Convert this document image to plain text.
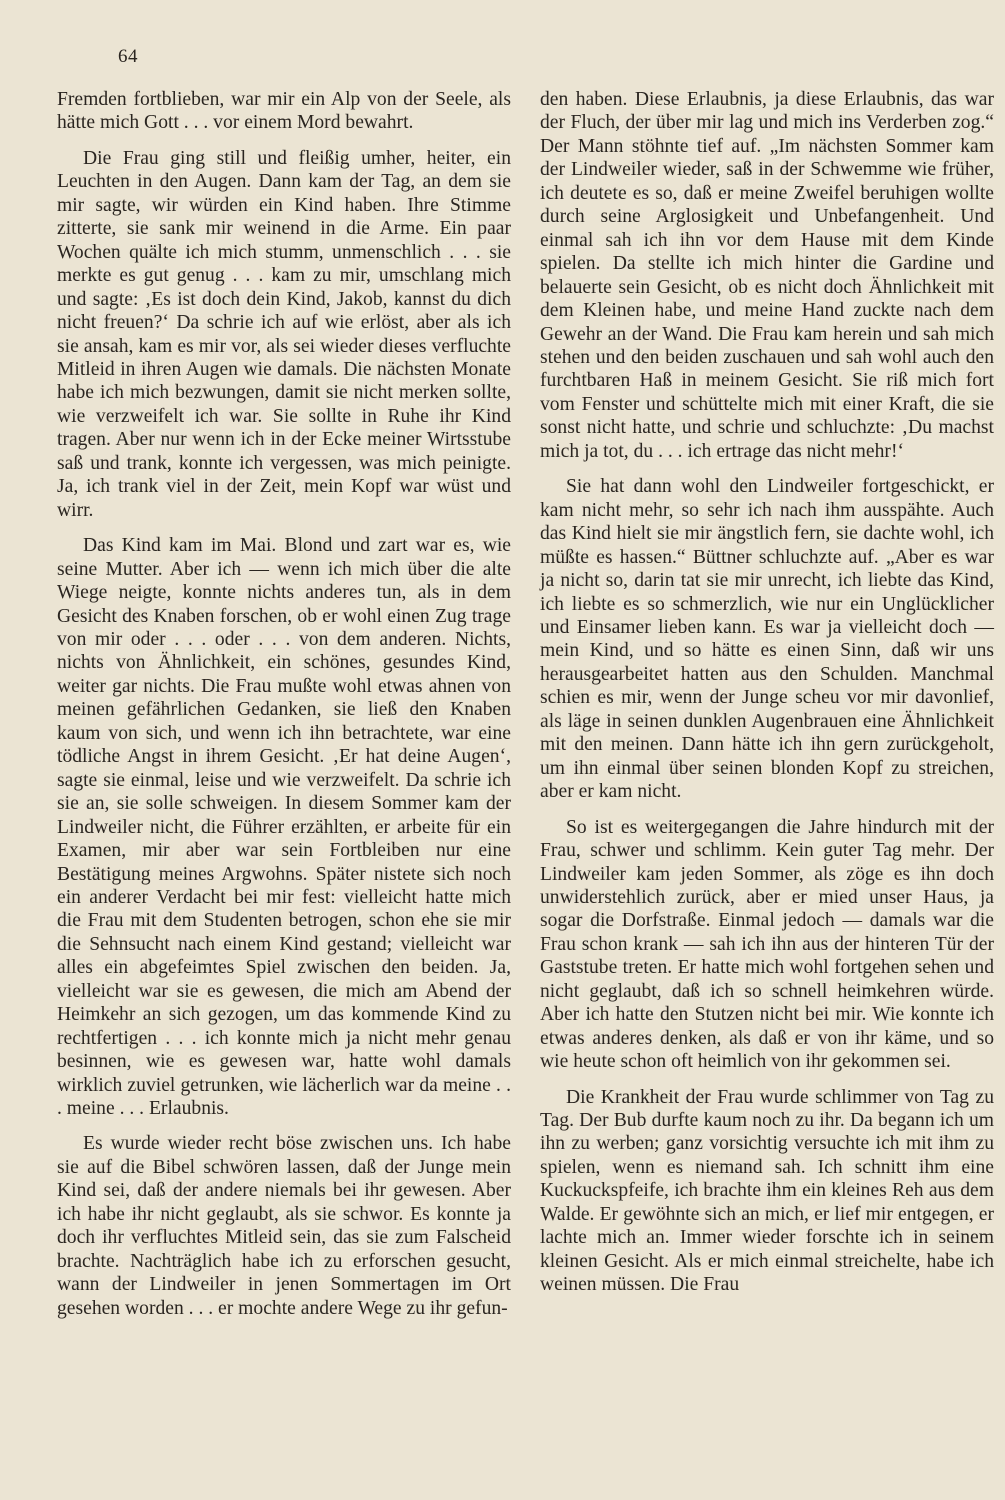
64

Fremden fortblieben, war mir ein Alp von der Seele, als hätte mich Gott . . . vor einem Mord bewahrt.

Die Frau ging still und fleißig umher, heiter, ein Leuchten in den Augen. Dann kam der Tag, an dem sie mir sagte, wir würden ein Kind haben. Ihre Stimme zitterte, sie sank mir weinend in die Arme. Ein paar Wochen quälte ich mich stumm, unmenschlich . . . sie merkte es gut genug . . . kam zu mir, umschlang mich und sagte: ‚Es ist doch dein Kind, Jakob, kannst du dich nicht freuen?‘ Da schrie ich auf wie erlöst, aber als ich sie ansah, kam es mir vor, als sei wieder dieses verfluchte Mitleid in ihren Augen wie damals. Die nächsten Monate habe ich mich bezwungen, damit sie nicht merken sollte, wie verzweifelt ich war. Sie sollte in Ruhe ihr Kind tragen. Aber nur wenn ich in der Ecke meiner Wirtsstube saß und trank, konnte ich vergessen, was mich peinigte. Ja, ich trank viel in der Zeit, mein Kopf war wüst und wirr.

Das Kind kam im Mai. Blond und zart war es, wie seine Mutter. Aber ich — wenn ich mich über die alte Wiege neigte, konnte nichts anderes tun, als in dem Gesicht des Knaben forschen, ob er wohl einen Zug trage von mir oder . . . oder . . . von dem anderen. Nichts, nichts von Ähnlichkeit, ein schönes, gesundes Kind, weiter gar nichts. Die Frau mußte wohl etwas ahnen von meinen gefährlichen Gedanken, sie ließ den Knaben kaum von sich, und wenn ich ihn betrachtete, war eine tödliche Angst in ihrem Gesicht. ‚Er hat deine Augen‘, sagte sie einmal, leise und wie verzweifelt. Da schrie ich sie an, sie solle schweigen. In diesem Sommer kam der Lindweiler nicht, die Führer erzählten, er arbeite für ein Examen, mir aber war sein Fortbleiben nur eine Bestätigung meines Argwohns. Später nistete sich noch ein anderer Verdacht bei mir fest: vielleicht hatte mich die Frau mit dem Studenten betrogen, schon ehe sie mir die Sehnsucht nach einem Kind gestand; vielleicht war alles ein abgefeimtes Spiel zwischen den beiden. Ja, vielleicht war sie es gewesen, die mich am Abend der Heimkehr an sich gezogen, um das kommende Kind zu rechtfertigen . . . ich konnte mich ja nicht mehr genau besinnen, wie es gewesen war, hatte wohl damals wirklich zuviel getrunken, wie lächerlich war da meine . . . meine . . . Erlaubnis.

Es wurde wieder recht böse zwischen uns. Ich habe sie auf die Bibel schwören lassen, daß der Junge mein Kind sei, daß der andere niemals bei ihr gewesen. Aber ich habe ihr nicht geglaubt, als sie schwor. Es konnte ja doch ihr verfluchtes Mitleid sein, das sie zum Falscheid brachte. Nachträglich habe ich zu erforschen gesucht, wann der Lindweiler in jenen Sommertagen im Ort gesehen worden . . . er mochte andere Wege zu ihr gefun-

den haben. Diese Erlaubnis, ja diese Erlaubnis, das war der Fluch, der über mir lag und mich ins Verderben zog.“ Der Mann stöhnte tief auf. „Im nächsten Sommer kam der Lindweiler wieder, saß in der Schwemme wie früher, ich deutete es so, daß er meine Zweifel beruhigen wollte durch seine Arglosigkeit und Unbefangenheit. Und einmal sah ich ihn vor dem Hause mit dem Kinde spielen. Da stellte ich mich hinter die Gardine und belauerte sein Gesicht, ob es nicht doch Ähnlichkeit mit dem Kleinen habe, und meine Hand zuckte nach dem Gewehr an der Wand. Die Frau kam herein und sah mich stehen und den beiden zuschauen und sah wohl auch den furchtbaren Haß in meinem Gesicht. Sie riß mich fort vom Fenster und schüttelte mich mit einer Kraft, die sie sonst nicht hatte, und schrie und schluchzte: ‚Du machst mich ja tot, du . . . ich ertrage das nicht mehr!‘

Sie hat dann wohl den Lindweiler fortgeschickt, er kam nicht mehr, so sehr ich nach ihm ausspähte. Auch das Kind hielt sie mir ängstlich fern, sie dachte wohl, ich müßte es hassen.“ Büttner schluchzte auf. „Aber es war ja nicht so, darin tat sie mir unrecht, ich liebte das Kind, ich liebte es so schmerzlich, wie nur ein Unglücklicher und Einsamer lieben kann. Es war ja vielleicht doch — mein Kind, und so hätte es einen Sinn, daß wir uns herausgearbeitet hatten aus den Schulden. Manchmal schien es mir, wenn der Junge scheu vor mir davonlief, als läge in seinen dunklen Augenbrauen eine Ähnlichkeit mit den meinen. Dann hätte ich ihn gern zurückgeholt, um ihn einmal über seinen blonden Kopf zu streichen, aber er kam nicht.

So ist es weitergegangen die Jahre hindurch mit der Frau, schwer und schlimm. Kein guter Tag mehr. Der Lindweiler kam jeden Sommer, als zöge es ihn doch unwiderstehlich zurück, aber er mied unser Haus, ja sogar die Dorfstraße. Einmal jedoch — damals war die Frau schon krank — sah ich ihn aus der hinteren Tür der Gaststube treten. Er hatte mich wohl fortgehen sehen und nicht geglaubt, daß ich so schnell heimkehren würde. Aber ich hatte den Stutzen nicht bei mir. Wie konnte ich etwas anderes denken, als daß er von ihr käme, und so wie heute schon oft heimlich von ihr gekommen sei.

Die Krankheit der Frau wurde schlimmer von Tag zu Tag. Der Bub durfte kaum noch zu ihr. Da begann ich um ihn zu werben; ganz vorsichtig versuchte ich mit ihm zu spielen, wenn es niemand sah. Ich schnitt ihm eine Kuckuckspfeife, ich brachte ihm ein kleines Reh aus dem Walde. Er gewöhnte sich an mich, er lief mir entgegen, er lachte mich an. Immer wieder forschte ich in seinem kleinen Gesicht. Als er mich einmal streichelte, habe ich weinen müssen. Die Frau
